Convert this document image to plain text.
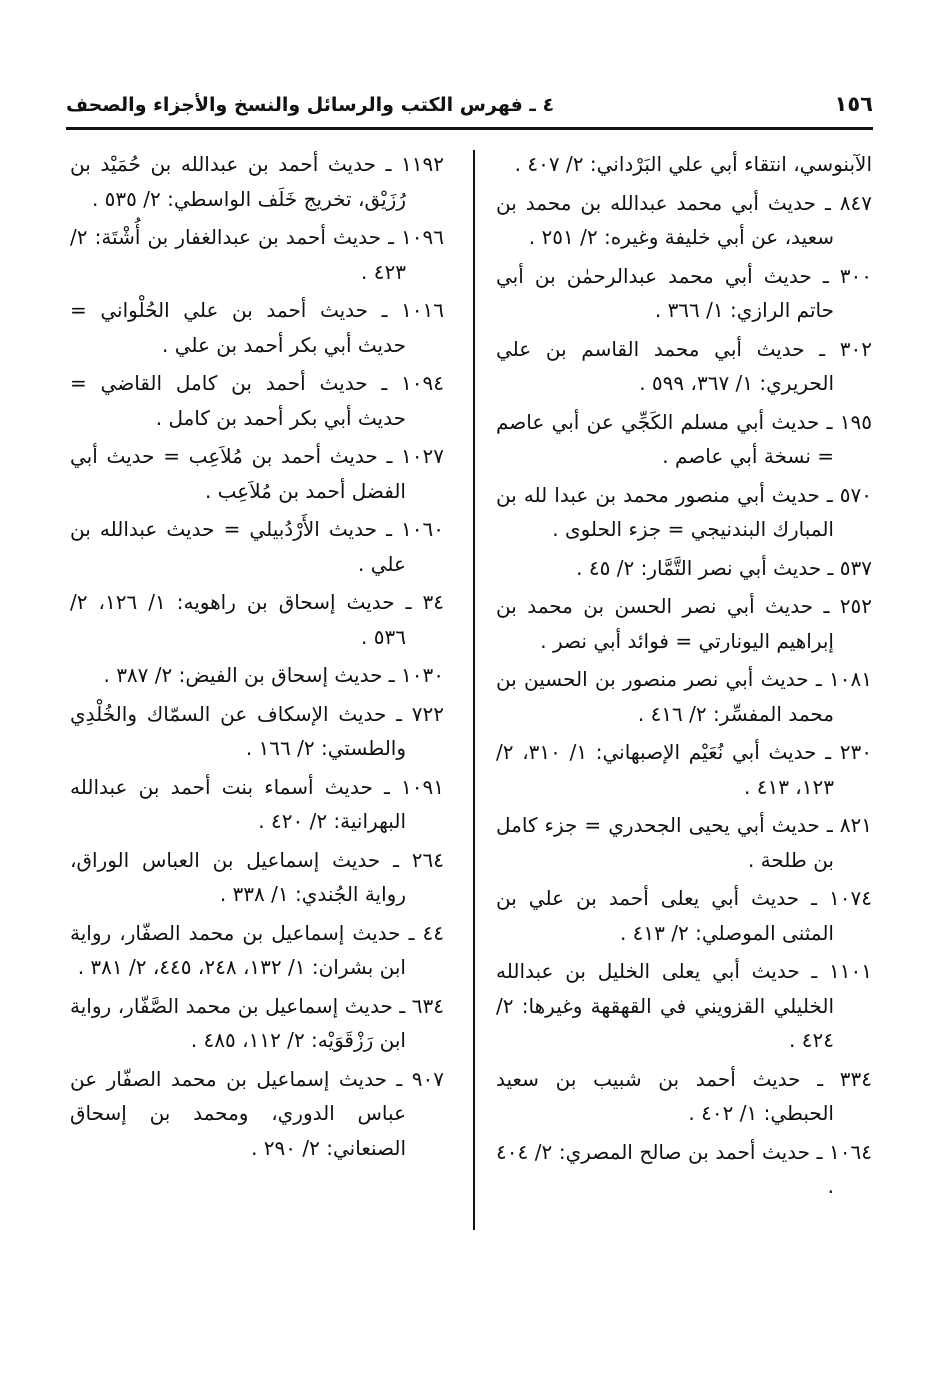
١٥٦
٤ ـ فهرس الكتب والرسائل والنسخ والأجزاء والصحف

الآبنوسي، انتقاء أبي علي البَرْداني: ٢/ ٤٠٧ .

٨٤٧ ـ حديث أبي محمد عبدالله بن محمد بن سعيد، عن أبي خليفة وغيره: ٢/ ٢٥١ .

٣٠٠ ـ حديث أبي محمد عبدالرحمٰن بن أبي حاتم الرازي: ١/ ٣٦٦ .

٣٠٢ ـ حديث أبي محمد القاسم بن علي الحريري: ١/ ٣٦٧، ٥٩٩ .

١٩٥ ـ حديث أبي مسلم الكَجِّي عن أبي عاصم = نسخة أبي عاصم .

٥٧٠ ـ حديث أبي منصور محمد بن عبدا لله بن المبارك البندنيجي = جزء الحلوى .

٥٣٧ ـ حديث أبي نصر التَّمَّار: ٢/ ٤٥ .

٢٥٢ ـ حديث أبي نصر الحسن بن محمد بن إبراهيم اليونارتي = فوائد أبي نصر .

١٠٨١ ـ حديث أبي نصر منصور بن الحسين بن محمد المفسِّر: ٢/ ٤١٦ .

٢٣٠ ـ حديث أبي نُعَيْم الإصبهاني: ١/ ٣١٠، ٢/ ١٢٣، ٤١٣ .

٨٢١ ـ حديث أبي يحيى الجحدري = جزء كامل بن طلحة .

١٠٧٤ ـ حديث أبي يعلى أحمد بن علي بن المثنى الموصلي: ٢/ ٤١٣ .

١١٠١ ـ حديث أبي يعلى الخليل بن عبدالله الخليلي القزويني في القهقهة وغيرها: ٢/ ٤٢٤ .

٣٣٤ ـ حديث أحمد بن شبيب بن سعيد الحبطي: ١/ ٤٠٢ .

١٠٦٤ ـ حديث أحمد بن صالح المصري: ٢/ ٤٠٤ .

١١٩٢ ـ حديث أحمد بن عبدالله بن حُمَيْد بن رُزَيْق، تخريج خَلَف الواسطي: ٢/ ٥٣٥ .

١٠٩٦ ـ حديث أحمد بن عبدالغفار بن أُشْتَة: ٢/ ٤٢٣ .

١٠١٦ ـ حديث أحمد بن علي الحُلْواني = حديث أبي بكر أحمد بن علي .

١٠٩٤ ـ حديث أحمد بن كامل القاضي = حديث أبي بكر أحمد بن كامل .

١٠٢٧ ـ حديث أحمد بن مُلاَعِب = حديث أبي الفضل أحمد بن مُلاَعِب .

١٠٦٠ ـ حديث الأَرْدُبيلي = حديث عبدالله بن علي .

٣٤ ـ حديث إسحاق بن راهويه: ١/ ١٢٦، ٢/ ٥٣٦ .

١٠٣٠ ـ حديث إسحاق بن الفيض: ٢/ ٣٨٧ .

٧٢٢ ـ حديث الإسكاف عن السمّاك والخُلْدِي والطستي: ٢/ ١٦٦ .

١٠٩١ ـ حديث أسماء بنت أحمد بن عبدالله البهرانية: ٢/ ٤٢٠ .

٢٦٤ ـ حديث إسماعيل بن العباس الوراق، رواية الجُندي: ١/ ٣٣٨ .

٤٤ ـ حديث إسماعيل بن محمد الصفّار، رواية ابن بشران: ١/ ١٣٢، ٢٤٨، ٤٤٥، ٢/ ٣٨١ .

٦٣٤ ـ حديث إسماعيل بن محمد الصَّفّار، رواية ابن رَزْقَوَيْه: ٢/ ١١٢، ٤٨٥ .

٩٠٧ ـ حديث إسماعيل بن محمد الصفّار عن عباس الدوري، ومحمد بن إسحاق الصنعاني: ٢/ ٢٩٠ .
